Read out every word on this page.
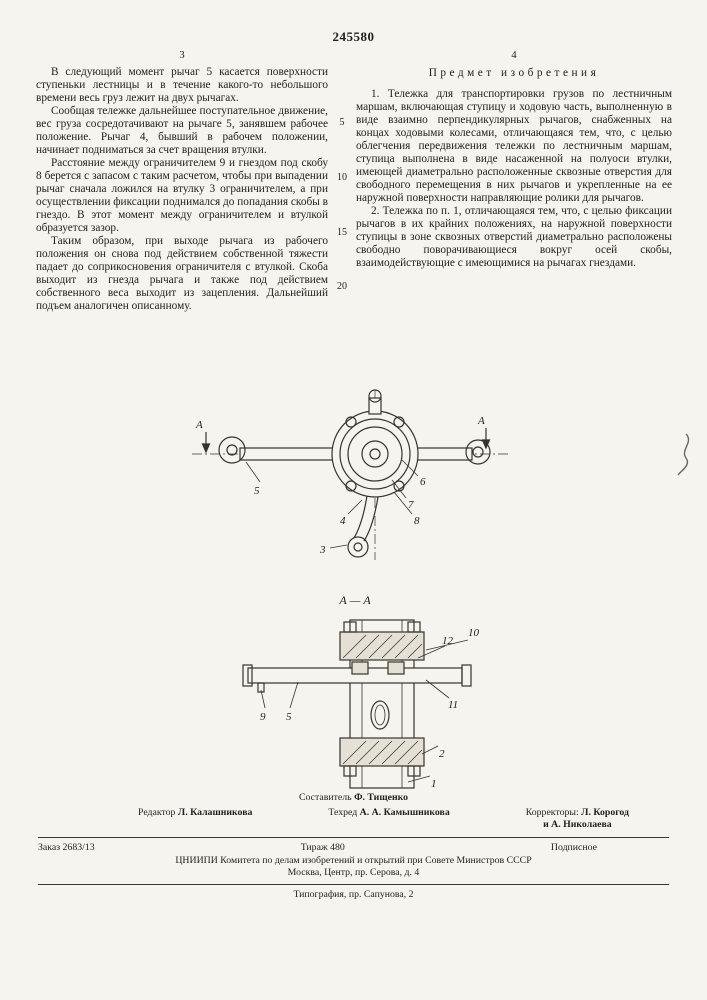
245580
3	4

В следующий момент рычаг 5 касается поверхности ступеньки лестницы и в течение какого-то небольшого времени весь груз лежит на двух рычагах.

Сообщая тележке дальнейшее поступательное движение, вес груза сосредотачивают на рычаге 5, занявшем рабочее положение. Рычаг 4, бывший в рабочем положении, начинает подниматься за счет вращения втулки.

Расстояние между ограничителем 9 и гнездом под скобу 8 берется с запасом с таким расчетом, чтобы при выпадении рычаг сначала ложился на втулку 3 ограничителем, а при осуществлении фиксации поднимался до попадания скобы в гнездо. В этот момент между ограничителем и втулкой образуется зазор.

Таким образом, при выходе рычага из рабочего положения он снова под действием собственной тяжести падает до соприкосновения ограничителя с втулкой. Скоба выходит из гнезда рычага и также под действием собственного веса выходит из зацепления. Дальнейший подъем аналогичен описанному.

5
10
15
20
Предмет изобретения

1. Тележка для транспортировки грузов по лестничным маршам, включающая ступицу и ходовую часть, выполненную в виде взаимно перпендикулярных рычагов, снабженных на концах ходовыми колесами, отличающаяся тем, что, с целью облегчения передвижения тележки по лестничным маршам, ступица выполнена в виде насаженной на полуоси втулки, имеющей диаметрально расположенные сквозные отверстия для свободного перемещения в них рычагов и укрепленные на ее наружной поверхности направляющие ролики для рычагов.

2. Тележка по п. 1, отличающаяся тем, что, с целью фиксации рычагов в их крайних положениях, на наружной поверхности ступицы в зоне сквозных отверстий диаметрально расположены свободно поворачивающиеся вокруг осей скобы, взаимодействующие с имеющимися на рычагах гнездами.

А	А
5
6
7
8
4
3
А — А
12
10
11
9 5
2
1
Составитель Ф. Тищенко
Редактор Л. Калашникова	Техред А. А. Камышникова	Корректоры: Л. Корогод
и А. Николаева
Заказ 2683/13	Тираж 480	Подписное
ЦНИИПИ Комитета по делам изобретений и открытий при Совете Министров СССР
Москва, Центр, пр. Серова, д. 4
Типография, пр. Сапунова, 2
